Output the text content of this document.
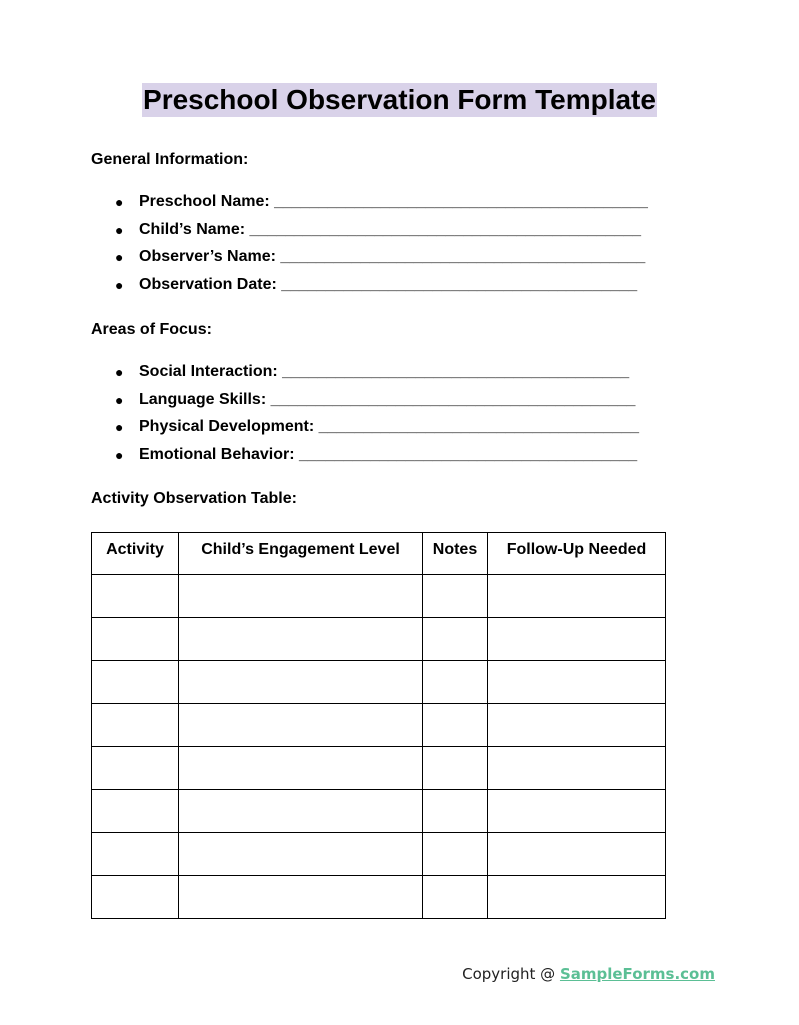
Preschool Observation Form Template
General Information:
● Preschool Name: __________________________________________
● Child’s Name: ____________________________________________
● Observer’s Name: _________________________________________
● Observation Date: ________________________________________
Areas of Focus:
● Social Interaction: _______________________________________
● Language Skills: _________________________________________
● Physical Development: ____________________________________
● Emotional Behavior: ______________________________________
Activity Observation Table:
Activity	Child’s Engagement Level	Notes	Follow-Up Needed

Copyright @ SampleForms.com
